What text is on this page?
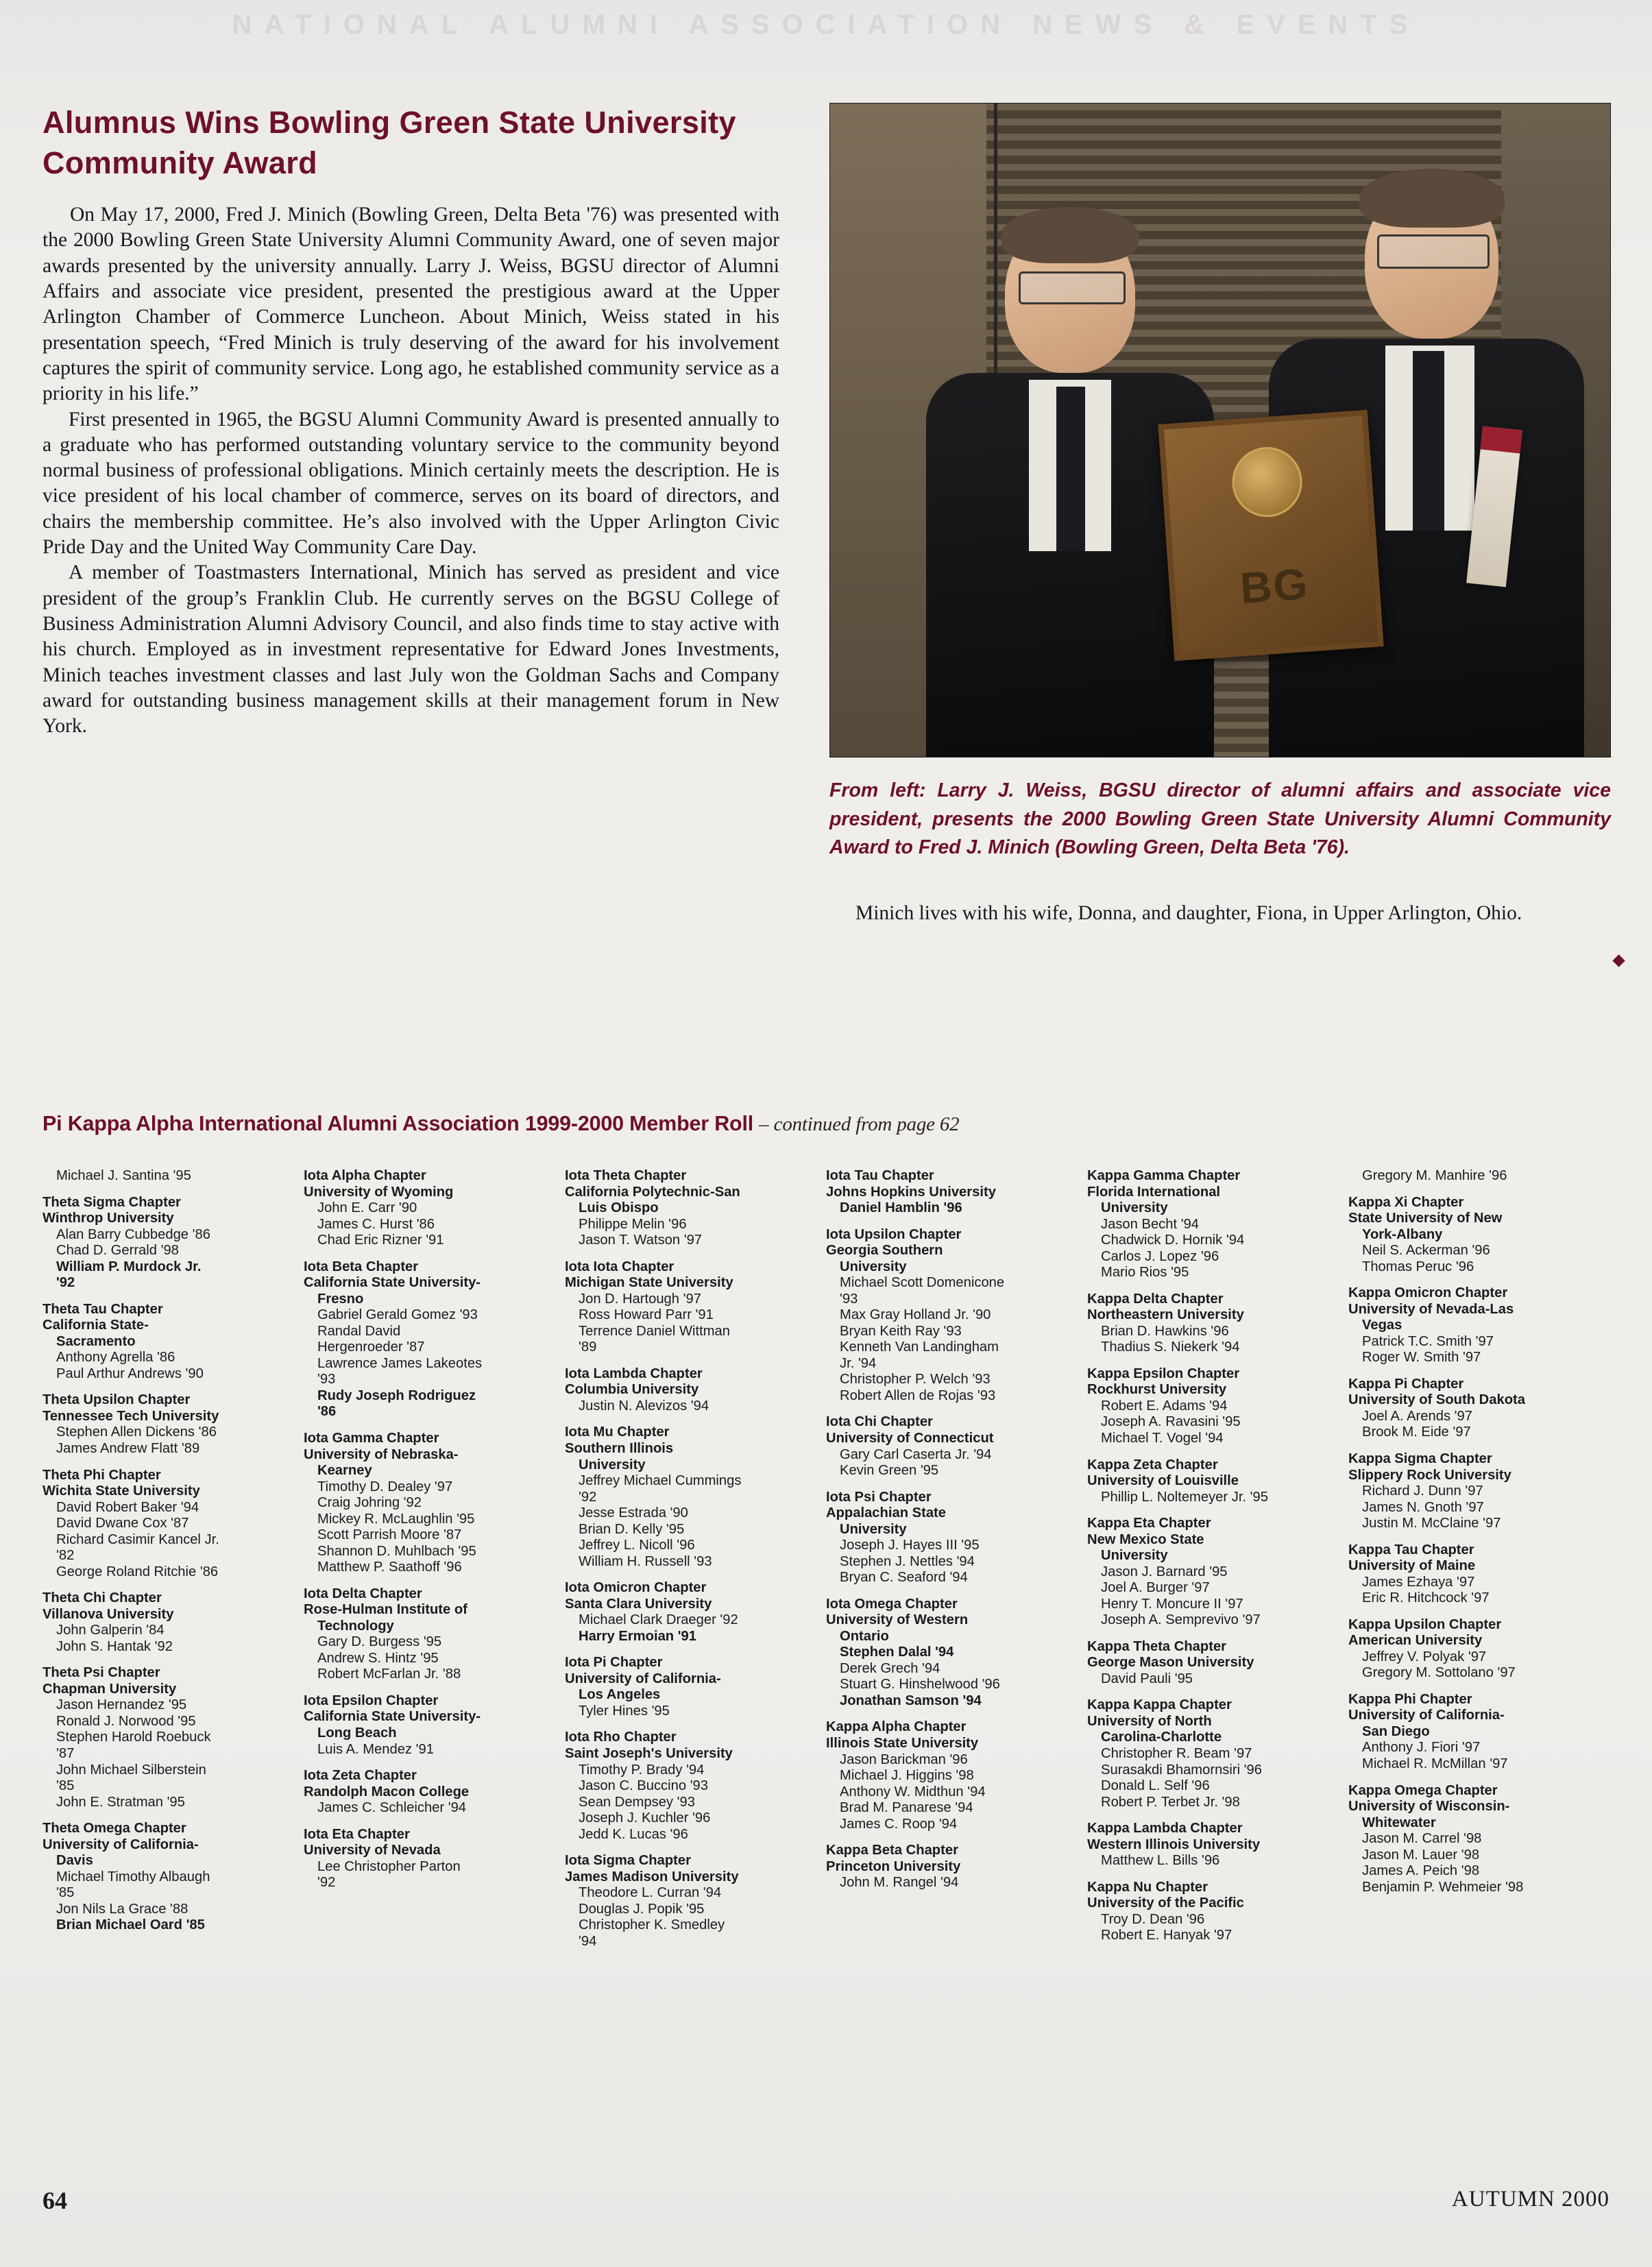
NATIONAL ALUMNI ASSOCIATION NEWS & EVENTS
Alumnus Wins Bowling Green State University Community Award

On May 17, 2000, Fred J. Minich (Bowling Green, Delta Beta '76) was presented with the 2000 Bowling Green State University Alumni Community Award, one of seven major awards presented by the university annually. Larry J. Weiss, BGSU director of Alumni Affairs and associate vice president, presented the prestigious award at the Upper Arlington Chamber of Commerce Luncheon. About Minich, Weiss stated in his presentation speech, “Fred Minich is truly deserving of the award for his involvement captures the spirit of community service. Long ago, he established community service as a priority in his life.”

First presented in 1965, the BGSU Alumni Community Award is presented annually to a graduate who has performed outstanding voluntary service to the community beyond normal business of professional obligations. Minich certainly meets the description. He is vice president of his local chamber of commerce, serves on its board of directors, and chairs the membership committee. He’s also involved with the Upper Arlington Civic Pride Day and the United Way Community Care Day.

A member of Toastmasters International, Minich has served as president and vice president of the group’s Franklin Club. He currently serves on the BGSU College of Business Administration Alumni Advisory Council, and also finds time to stay active with his church. Employed as in investment representative for Edward Jones Investments, Minich teaches investment classes and last July won the Goldman Sachs and Company award for outstanding business management skills at their management forum in New York.

BG
From left: Larry J. Weiss, BGSU director of alumni affairs and associate vice president, presents the 2000 Bowling Green State University Alumni Community Award to Fred J. Minich (Bowling Green, Delta Beta '76).
Minich lives with his wife, Donna, and daughter, Fiona, in Upper Arlington, Ohio.
Pi Kappa Alpha International Alumni Association 1999-2000 Member Roll – continued from page 62
Michael J. Santina '95
Theta Sigma Chapter
Winthrop University
Alan Barry Cubbedge '86
Chad D. Gerrald '98
William P. Murdock Jr.
'92
Theta Tau Chapter
California State-
Sacramento
Anthony Agrella '86
Paul Arthur Andrews '90
Theta Upsilon Chapter
Tennessee Tech University
Stephen Allen Dickens '86
James Andrew Flatt '89
Theta Phi Chapter
Wichita State University
David Robert Baker '94
David Dwane Cox '87
Richard Casimir Kancel Jr.
'82
George Roland Ritchie '86
Theta Chi Chapter
Villanova University
John Galperin '84
John S. Hantak '92
Theta Psi Chapter
Chapman University
Jason Hernandez '95
Ronald J. Norwood '95
Stephen Harold Roebuck
'87
John Michael Silberstein
'85
John E. Stratman '95
Theta Omega Chapter
University of California-
Davis
Michael Timothy Albaugh
'85
Jon Nils La Grace '88
Brian Michael Oard '85
Iota Alpha Chapter
University of Wyoming
John E. Carr '90
James C. Hurst '86
Chad Eric Rizner '91
Iota Beta Chapter
California State University-
Fresno
Gabriel Gerald Gomez '93
Randal David
Hergenroeder '87
Lawrence James Lakeotes
'93
Rudy Joseph Rodriguez
'86
Iota Gamma Chapter
University of Nebraska-
Kearney
Timothy D. Dealey '97
Craig Johring '92
Mickey R. McLaughlin '95
Scott Parrish Moore '87
Shannon D. Muhlbach '95
Matthew P. Saathoff '96
Iota Delta Chapter
Rose-Hulman Institute of
Technology
Gary D. Burgess '95
Andrew S. Hintz '95
Robert McFarlan Jr. '88
Iota Epsilon Chapter
California State University-
Long Beach
Luis A. Mendez '91
Iota Zeta Chapter
Randolph Macon College
James C. Schleicher '94
Iota Eta Chapter
University of Nevada
Lee Christopher Parton
'92
Iota Theta Chapter
California Polytechnic-San
Luis Obispo
Philippe Melin '96
Jason T. Watson '97
Iota Iota Chapter
Michigan State University
Jon D. Hartough '97
Ross Howard Parr '91
Terrence Daniel Wittman
'89
Iota Lambda Chapter
Columbia University
Justin N. Alevizos '94
Iota Mu Chapter
Southern Illinois
University
Jeffrey Michael Cummings
'92
Jesse Estrada '90
Brian D. Kelly '95
Jeffrey L. Nicoll '96
William H. Russell '93
Iota Omicron Chapter
Santa Clara University
Michael Clark Draeger '92
Harry Ermoian '91
Iota Pi Chapter
University of California-
Los Angeles
Tyler Hines '95
Iota Rho Chapter
Saint Joseph's University
Timothy P. Brady '94
Jason C. Buccino '93
Sean Dempsey '93
Joseph J. Kuchler '96
Jedd K. Lucas '96
Iota Sigma Chapter
James Madison University
Theodore L. Curran '94
Douglas J. Popik '95
Christopher K. Smedley
'94
Iota Tau Chapter
Johns Hopkins University
Daniel Hamblin '96
Iota Upsilon Chapter
Georgia Southern
University
Michael Scott Domenicone
'93
Max Gray Holland Jr. '90
Bryan Keith Ray '93
Kenneth Van Landingham
Jr. '94
Christopher P. Welch '93
Robert Allen de Rojas '93
Iota Chi Chapter
University of Connecticut
Gary Carl Caserta Jr. '94
Kevin Green '95
Iota Psi Chapter
Appalachian State
University
Joseph J. Hayes III '95
Stephen J. Nettles '94
Bryan C. Seaford '94
Iota Omega Chapter
University of Western
Ontario
Stephen Dalal '94
Derek Grech '94
Stuart G. Hinshelwood '96
Jonathan Samson '94
Kappa Alpha Chapter
Illinois State University
Jason Barickman '96
Michael J. Higgins '98
Anthony W. Midthun '94
Brad M. Panarese '94
James C. Roop '94
Kappa Beta Chapter
Princeton University
John M. Rangel '94
Kappa Gamma Chapter
Florida International
University
Jason Becht '94
Chadwick D. Hornik '94
Carlos J. Lopez '96
Mario Rios '95
Kappa Delta Chapter
Northeastern University
Brian D. Hawkins '96
Thadius S. Niekerk '94
Kappa Epsilon Chapter
Rockhurst University
Robert E. Adams '94
Joseph A. Ravasini '95
Michael T. Vogel '94
Kappa Zeta Chapter
University of Louisville
Phillip L. Noltemeyer Jr. '95
Kappa Eta Chapter
New Mexico State
University
Jason J. Barnard '95
Joel A. Burger '97
Henry T. Moncure II '97
Joseph A. Semprevivo '97
Kappa Theta Chapter
George Mason University
David Pauli '95
Kappa Kappa Chapter
University of North
Carolina-Charlotte
Christopher R. Beam '97
Surasakdi Bhamornsiri '96
Donald L. Self '96
Robert P. Terbet Jr. '98
Kappa Lambda Chapter
Western Illinois University
Matthew L. Bills '96
Kappa Nu Chapter
University of the Pacific
Troy D. Dean '96
Robert E. Hanyak '97
Gregory M. Manhire '96
Kappa Xi Chapter
State University of New
York-Albany
Neil S. Ackerman '96
Thomas Peruc '96
Kappa Omicron Chapter
University of Nevada-Las
Vegas
Patrick T.C. Smith '97
Roger W. Smith '97
Kappa Pi Chapter
University of South Dakota
Joel A. Arends '97
Brook M. Eide '97
Kappa Sigma Chapter
Slippery Rock University
Richard J. Dunn '97
James N. Gnoth '97
Justin M. McClaine '97
Kappa Tau Chapter
University of Maine
James Ezhaya '97
Eric R. Hitchcock '97
Kappa Upsilon Chapter
American University
Jeffrey V. Polyak '97
Gregory M. Sottolano '97
Kappa Phi Chapter
University of California-
San Diego
Anthony J. Fiori '97
Michael R. McMillan '97
Kappa Omega Chapter
University of Wisconsin-
Whitewater
Jason M. Carrel '98
Jason M. Lauer '98
James A. Peich '98
Benjamin P. Wehmeier '98
64	AUTUMN 2000
